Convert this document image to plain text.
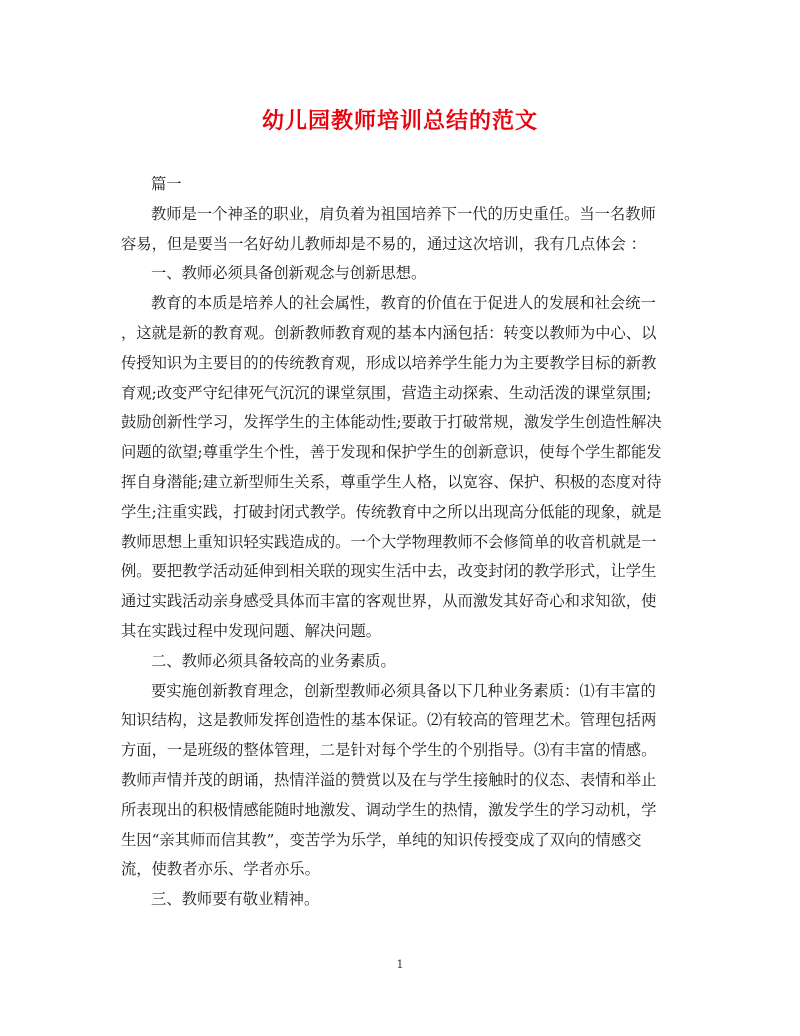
幼儿园教师培训总结的范文
篇一
教师是一个神圣的职业，肩负着为祖国培养下一代的历史重任。当一名教师
容易，但是要当一名好幼儿教师却是不易的，通过这次培训，我有几点体会 ：
一、教师必须具备创新观念与创新思想。
教育的本质是培养人的社会属性，教育的价值在于促进人的发展和社会统一
，这就是新的教育观。创新教师教育观的基本内涵包括：转变以教师为中心、以
传授知识为主要目的的传统教育观，形成以培养学生能力为主要教学目标的新教
育观;改变严守纪律死气沉沉的课堂氛围，营造主动探索、生动活泼的课堂氛围;
鼓励创新性学习，发挥学生的主体能动性;要敢于打破常规，激发学生创造性解决
问题的欲望;尊重学生个性，善于发现和保护学生的创新意识，使每个学生都能发
挥自身潜能;建立新型师生关系，尊重学生人格，以宽容、保护、积极的态度对待
学生;注重实践，打破封闭式教学。传统教育中之所以出现高分低能的现象，就是
教师思想上重知识轻实践造成的。一个大学物理教师不会修简单的收音机就是一
例。要把教学活动延伸到相关联的现实生活中去，改变封闭的教学形式，让学生
通过实践活动亲身感受具体而丰富的客观世界，从而激发其好奇心和求知欲，使
其在实践过程中发现问题、解决问题。
二、教师必须具备较高的业务素质。
要实施创新教育理念，创新型教师必须具备以下几种业务素质：⑴有丰富的
知识结构，这是教师发挥创造性的基本保证。⑵有较高的管理艺术。管理包括两
方面，一是班级的整体管理，二是针对每个学生的个别指导。⑶有丰富的情感。
教师声情并茂的朗诵，热情洋溢的赞赏以及在与学生接触时的仪态、表情和举止
所表现出的积极情感能随时地激发、调动学生的热情，激发学生的学习动机，学
生因“亲其师而信其教”，变苦学为乐学，单纯的知识传授变成了双向的情感交
流，使教者亦乐、学者亦乐。
三、教师要有敬业精神。
1
